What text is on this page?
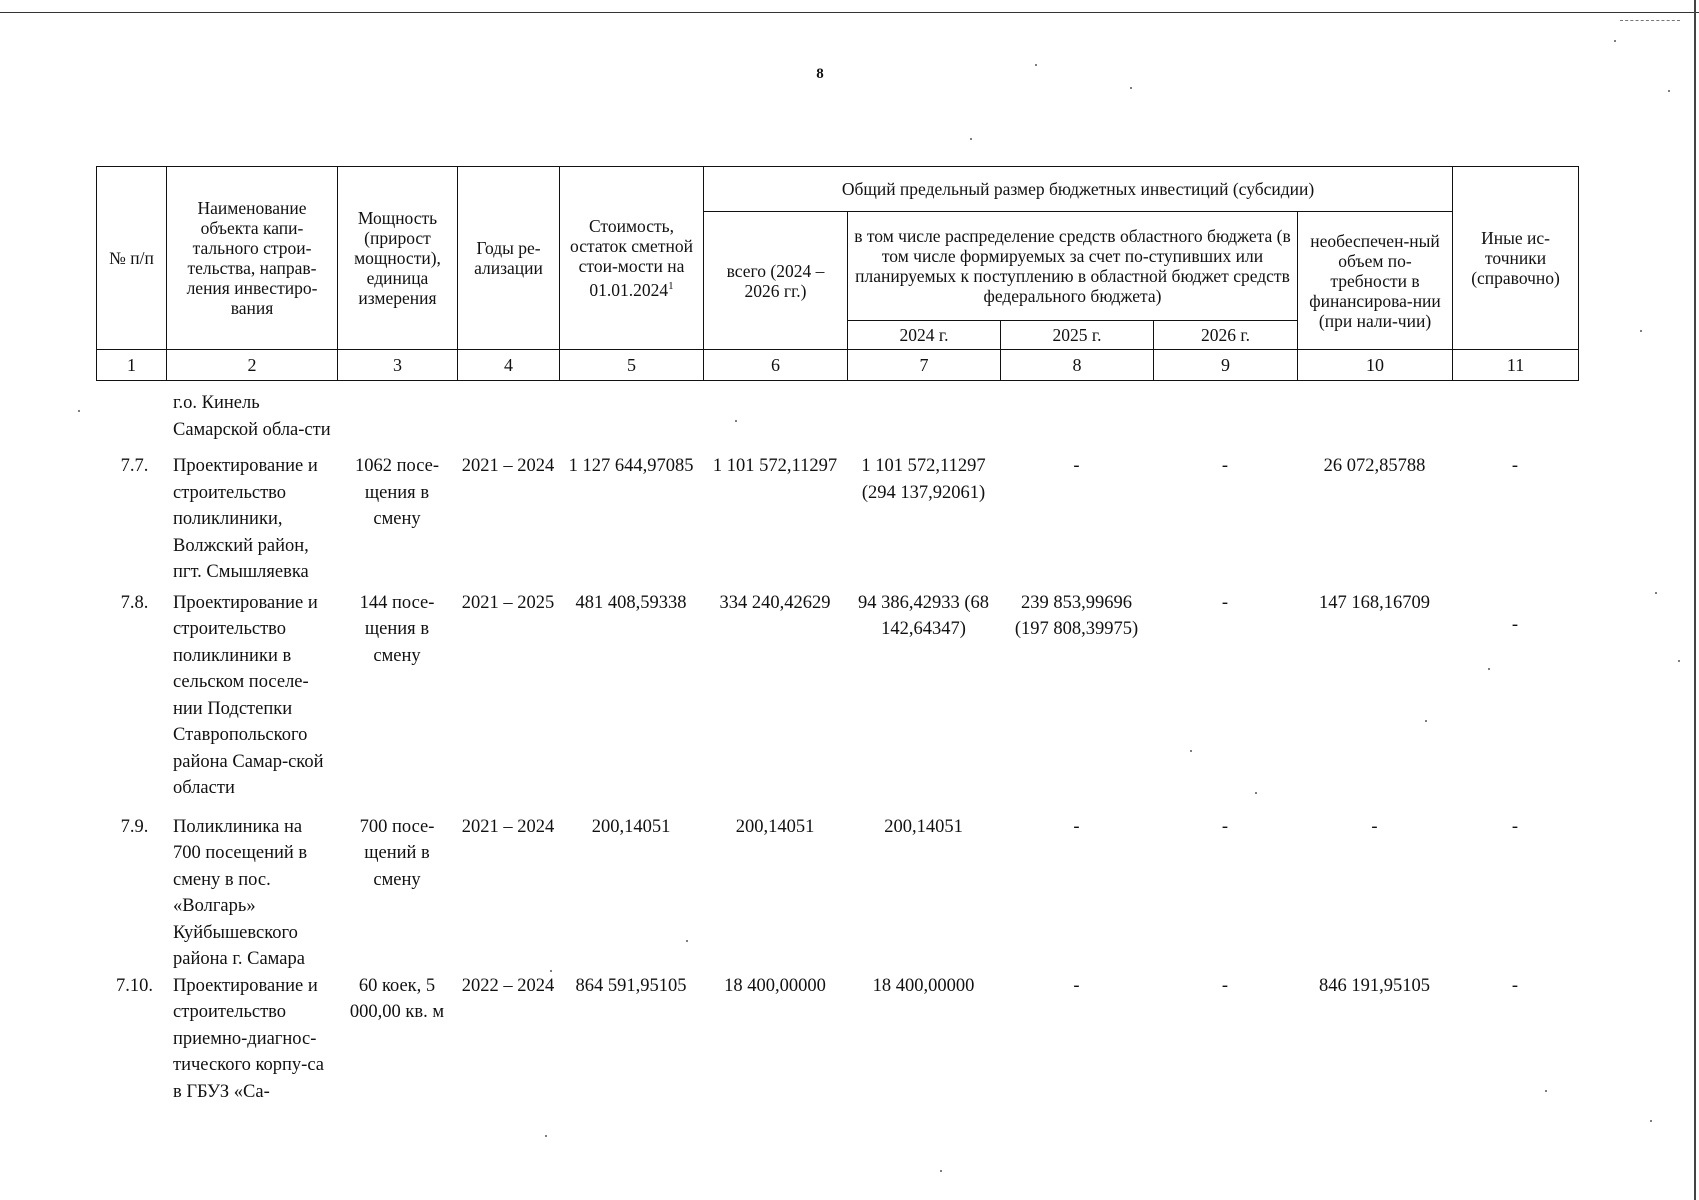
8
№ п/п	Наименование объекта капи-тального строи-тельства, направ-ления инвестиро-вания	Мощность (прирост мощности), единица измерения	Годы ре-ализации	Стоимость, остаток сметной стои-мости на 01.01.2024$^1$	Общий предельный размер бюджетных инвестиций (субсидии)					Иные ис-точники (справочно)
					всего (2024 – 2026 гг.)	в том числе распределение средств областного бюджета (в том числе формируемых за счет по-ступивших или планируемых к поступлению в областной бюджет средств федерального бюджета)			необеспечен-ный объем по-требности в финансирова-нии (при нали-чии)	
						2024 г.	2025 г.	2026 г.		
1	2	3	4	5	6	7	8	9	10	11
	г.о. Кинель Самарской обла-сти									
7.7.	Проектирование и строительство поликлиники, Волжский район, пгт. Смышляевка	1062 посе-щения в смену	2021 – 2024	1 127 644,97085	1 101 572,11297	1 101 572,11297 (294 137,92061)	-	-	26 072,85788	-
7.8.	Проектирование и строительство поликлиники в сельском поселе-нии Подстепки Ставропольского района Самар-ской области	144 посе-щения в смену	2021 – 2025	481 408,59338	334 240,42629	94 386,42933 (68 142,64347)	239 853,99696 (197 808,39975)	-	147 168,16709	-
7.9.	Поликлиника на 700 посещений в смену в пос. «Волгарь» Куйбышевского района г. Самара	700 посе-щений в смену	2021 – 2024	200,14051	200,14051	200,14051	-	-	-	-
7.10.	Проектирование и строительство приемно-диагнос-тического корпу-са в ГБУЗ «Са-	60 коек, 5 000,00 кв. м	2022 – 2024	864 591,95105	18 400,00000	18 400,00000	-	-	846 191,95105	-
